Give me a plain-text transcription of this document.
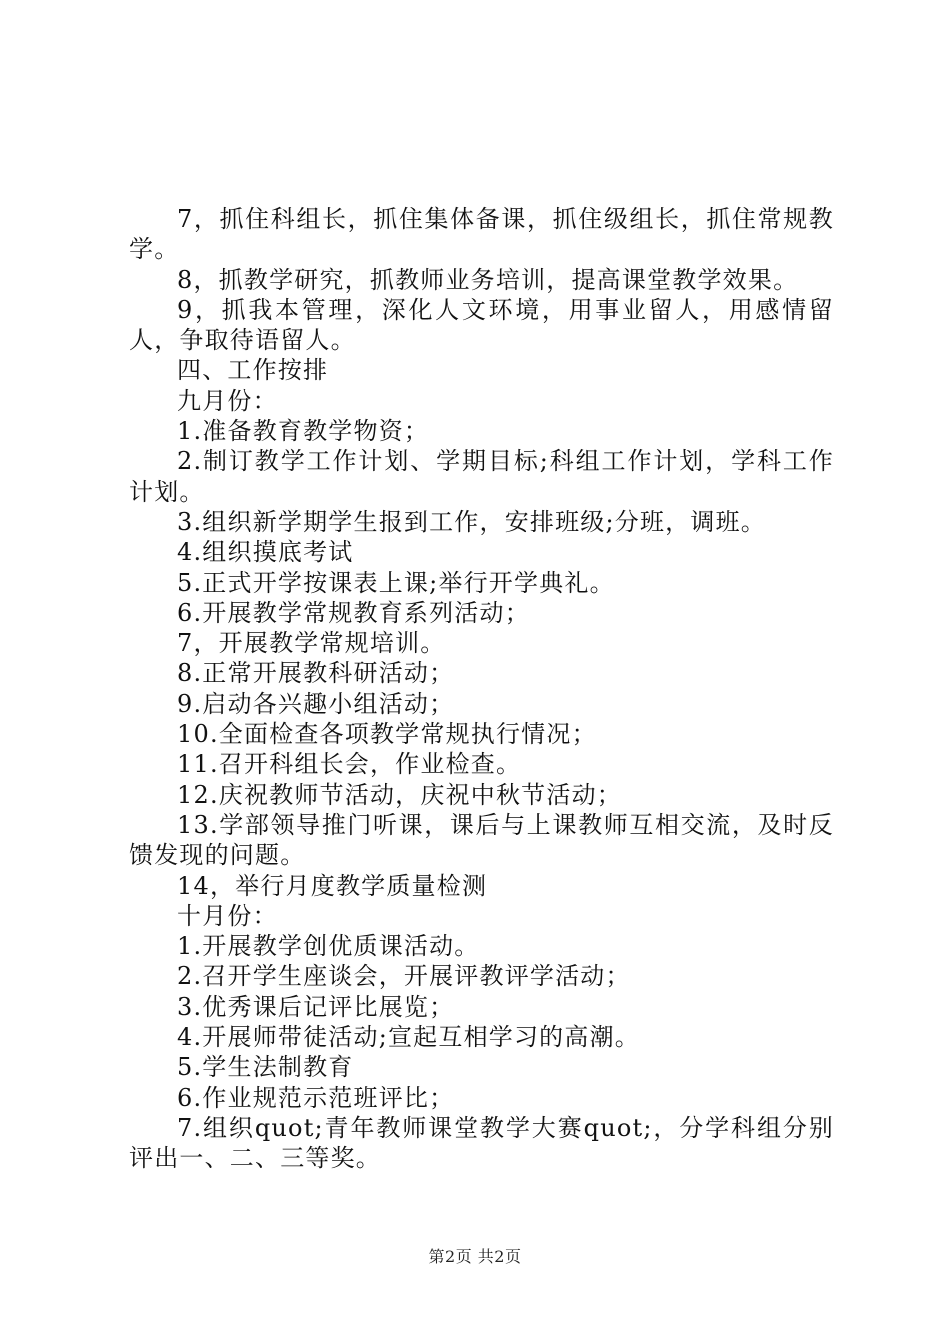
7，抓住科组长，抓住集体备课，抓住级组长，抓住常规教学。

8，抓教学研究，抓教师业务培训，提高课堂教学效果。

9，抓我本管理，深化人文环境，用事业留人，用感情留人，争取待语留人。

四、工作按排

九月份：

1.准备教育教学物资；

2.制订教学工作计划、学期目标;科组工作计划，学科工作计划。

3.组织新学期学生报到工作，安排班级;分班，调班。

4.组织摸底考试

5.正式开学按课表上课;举行开学典礼。

6.开展教学常规教育系列活动；

7，开展教学常规培训。

8.正常开展教科研活动；

9.启动各兴趣小组活动；

10.全面检查各项教学常规执行情况；

11.召开科组长会，作业检查。

12.庆祝教师节活动，庆祝中秋节活动；

13.学部领导推门听课，课后与上课教师互相交流，及时反馈发现的问题。

14，举行月度教学质量检测

十月份：

1.开展教学创优质课活动。

2.召开学生座谈会，开展评教评学活动；

3.优秀课后记评比展览；

4.开展师带徒活动;宣起互相学习的高潮。

5.学生法制教育

6.作业规范示范班评比；

7.组织quot;青年教师课堂教学大赛quot;，分学科组分别评出一、二、三等奖。

第2页 共2页
